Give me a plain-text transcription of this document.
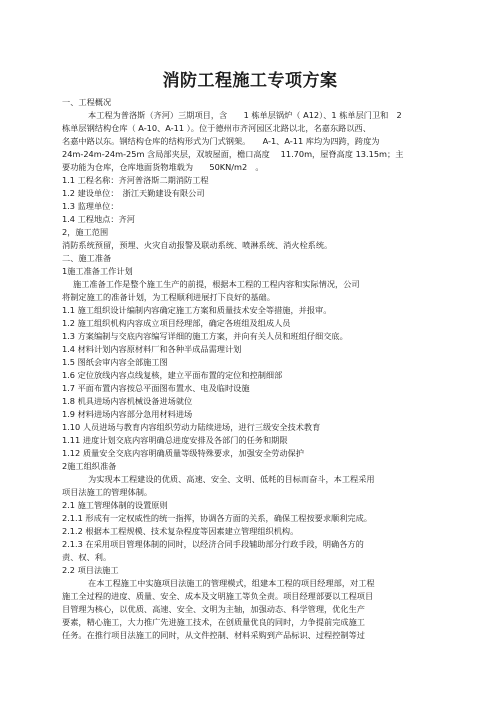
消防工程施工专项方案
一、工程概况
本工程为普洛斯（齐河）三期项目，含　　1 栋单层锅炉（ A12）、1 栋单层门卫和　2
栋单层钢结构仓库（ A-10、A-11 ）。位于德州市齐河园区北路以北，名嘉东路以西、
名嘉中路以东。钢结构仓库的结构形式为门式钢架。　　A-1、A-11 库均为四跨，跨度为
24m-24m-24m-25m 含局部夹层，双坡屋面，檐口高度　 11.70m，屋脊高度 13.15m；主
要功能为仓库，仓库地面货物堆载为　　50KN/m2　。
1.1 工程名称：齐河普洛斯二期消防工程
1.2 建设单位：　浙江天勤建设有限公司
1.3 监理单位：
1.4 工程地点：齐河
2，施工范围
消防系统预留，预埋、火灾自动报警及联动系统、喷淋系统、消火栓系统。
二、施工准备
1施工准备工作计划
施工准备工作是整个施工生产的前提，根据本工程的工程内容和实际情况，公司
将制定施工的准备计划，为工程顺利进展打下良好的基础。
1.1 施工组织设计编制内容确定施工方案和质量技术安全等措施，并报审。
1.2 施工组织机构内容成立项目经理部，确定各班组及组成人员
1.3 方案编制与交底内容编写详细的施工方案，并向有关人员和班组仔细交底。
1.4 材料计划内容原材料厂和各种半成品需理计划
1.5 图纸会审内容全部施工图
1.6 定位放线内容点线复核，建立平面布置的定位和控制细部
1.7 平面布置内容按总平面图布置水、电及临时设施
1.8 机具进场内容机械设备进场就位
1.9 材料进场内容部分急用材料进场
1.10 人员进场与教育内容组织劳动力陆续进场，进行三级安全技术教育
1.11 进度计划交底内容明确总进度安排及各部门的任务和期限
1.12 质量安全交底内容明确质量等级特殊要求，加强安全劳动保护
2施工组织准备
为实现本工程建设的优质、高速、安全、文明、低耗的目标而奋斗，本工程采用
项目法施工的管理体制。
2.1 施工管理体制的设置原则
2.1.1 形成有一定权威性的统一指挥，协调各方面的关系，确保工程按要求顺利完成。
2.1.2 根据本工程规模、技术复杂程度等因素建立管理组织机构。
2.1.3 在采用项目管理体制的同时，以经济合同手段辅助部分行政手段，明确各方的
责、权、利。
2.2 项目法施工
在本工程施工中实施项目法施工的管理模式，组建本工程的项目经理部，对工程
施工全过程的进度、质量、安全、成本及文明施工等负全责。项目经理部要以工程项目
目管理为核心，以优质、高速、安全、文明为主轴，加强动态、科学管理，优化生产
要素，精心施工，大力推广先进施工技术，在创质量优良的同时，力争提前完成施工
任务。在推行项目法施工的同时，从文件控制、材料采购到产品标识、过程控制等过
